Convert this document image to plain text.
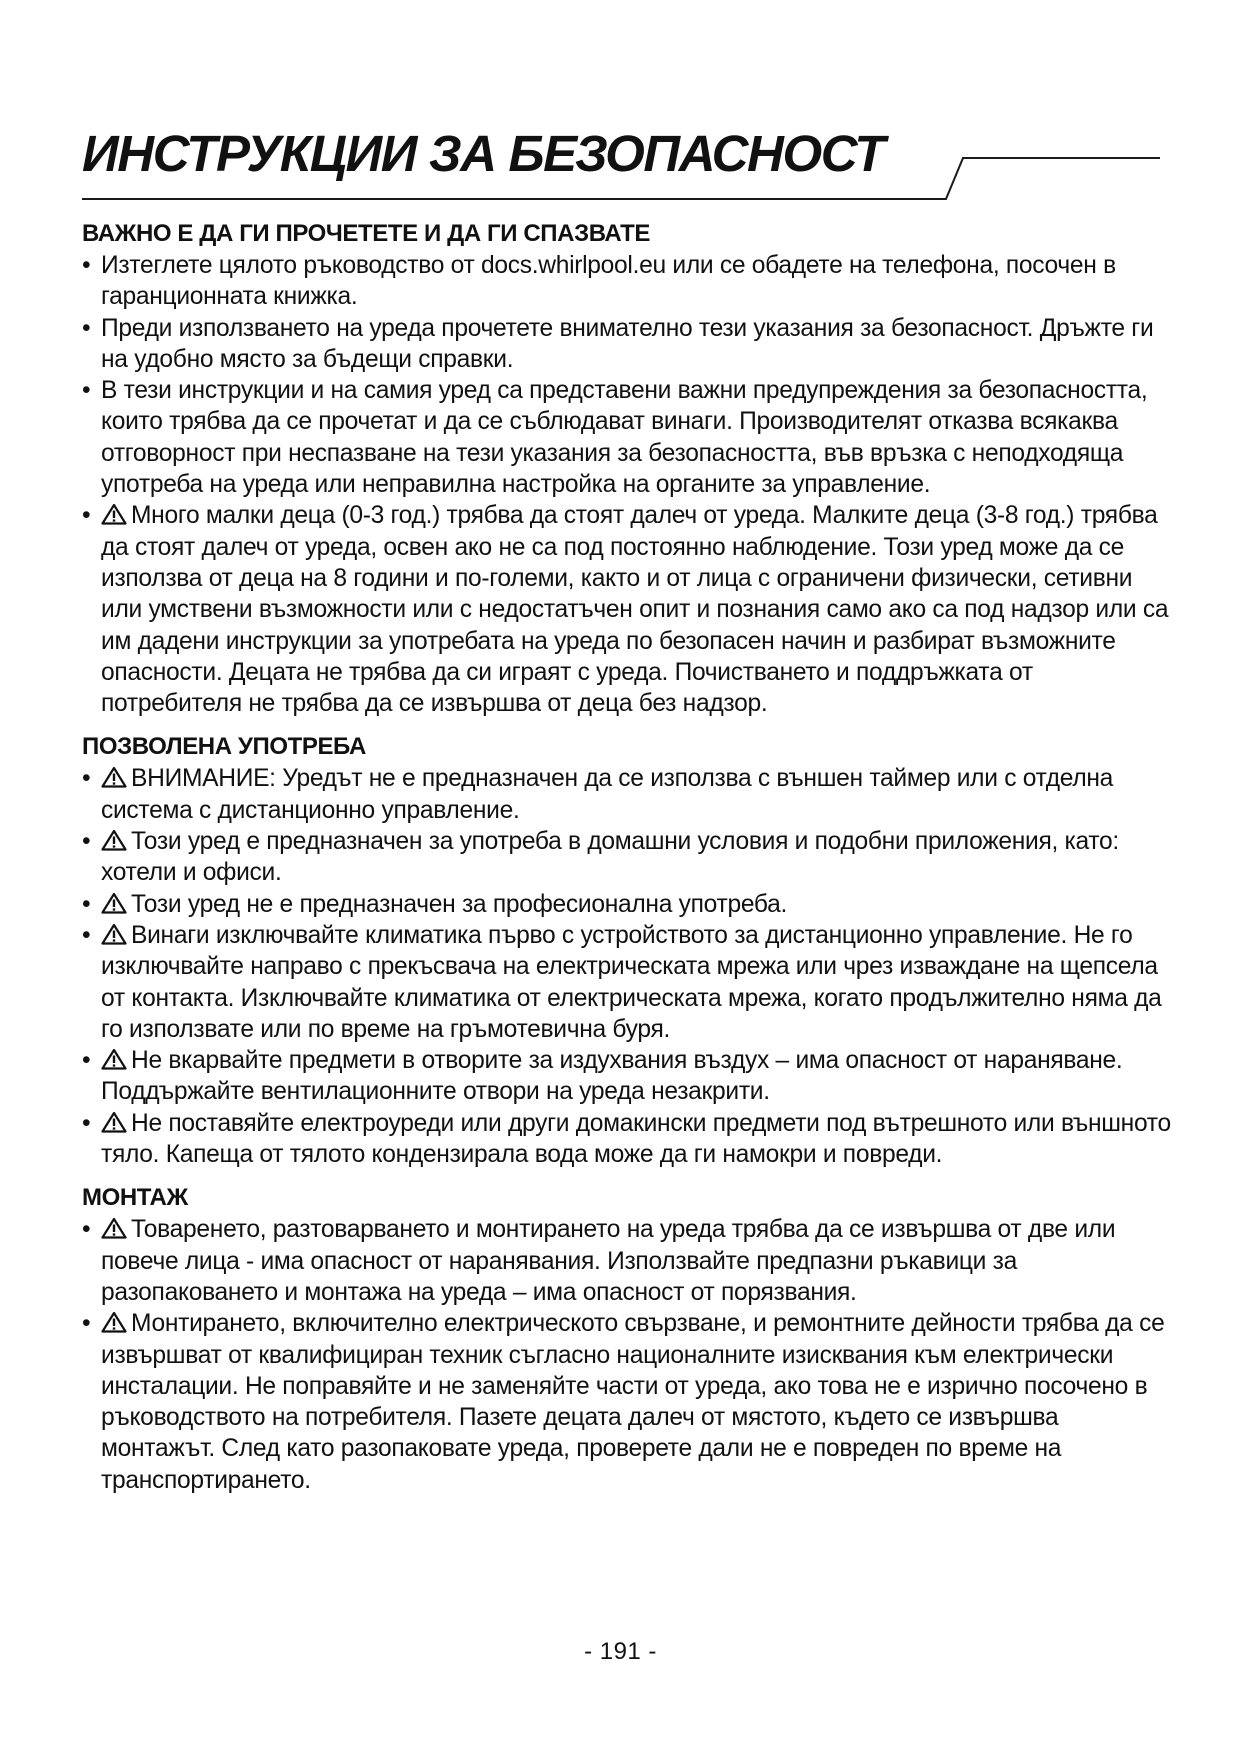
ИНСТРУКЦИИ ЗА БЕЗОПАСНОСТ
ВАЖНО Е ДА ГИ ПРОЧЕТЕТЕ И ДА ГИ СПАЗВАТЕ
• Изтеглете цялото ръководство от docs.whirlpool.eu или се обадете на телефона, посочен в гаранционната книжка.
• Преди използването на уреда прочетете внимателно тези указания за безопасност. Дръжте ги на удобно място за бъдещи справки.
• В тези инструкции и на самия уред са представени важни предупреждения за безопасността, които трябва да се прочетат и да се съблюдават винаги. Производителят отказва всякаква отговорност при неспазване на тези указания за безопасността, във връзка с неподходяща употреба на уреда или неправилна настройка на органите за управление.
• Много малки деца (0-3 год.) трябва да стоят далеч от уреда. Малките деца (3-8 год.) трябва да стоят далеч от уреда, освен ако не са под постоянно наблюдение. Този уред може да се използва от деца на 8 години и по-големи, както и от лица с ограничени физически, сетивни или умствени възможности или с недостатъчен опит и познания само ако са под надзор или са им дадени инструкции за употребата на уреда по безопасен начин и разбират възможните опасности. Децата не трябва да си играят с уреда. Почистването и поддръжката от потребителя не трябва да се извършва от деца без надзор.
ПОЗВОЛЕНА УПОТРЕБА
• ВНИМАНИЕ: Уредът не е предназначен да се използва с външен таймер или с отделна система с дистанционно управление.
• Този уред е предназначен за употреба в домашни условия и подобни приложения, като: хотели и офиси.
• Този уред не е предназначен за професионална употреба.
• Винаги изключвайте климатика първо с устройството за дистанционно управление. Не го изключвайте направо с прекъсвача на електрическата мрежа или чрез изваждане на щепсела от контакта. Изключвайте климатика от електрическата мрежа, когато продължително няма да го използвате или по време на гръмотевична буря.
• Не вкарвайте предмети в отворите за издухвания въздух – има опасност от нараняване. Поддържайте вентилационните отвори на уреда незакрити.
• Не поставяйте електроуреди или други домакински предмети под вътрешното или външното тяло. Капеща от тялото кондензирала вода може да ги намокри и повреди.
МОНТАЖ
• Товаренето, разтоварването и монтирането на уреда трябва да се извършва от две или повече лица - има опасност от наранявания. Използвайте предпазни ръкавици за разопаковането и монтажа на уреда – има опасност от порязвания.
• Монтирането, включително електрическото свързване, и ремонтните дейности трябва да се извършват от квалифициран техник съгласно националните изисквания към електрически инсталации. Не поправяйте и не заменяйте части от уреда, ако това не е изрично посочено в ръководството на потребителя. Пазете децата далеч от мястото, където се извършва монтажът. След като разопаковате уреда, проверете дали не е повреден по време на транспортирането.
- 191 -
